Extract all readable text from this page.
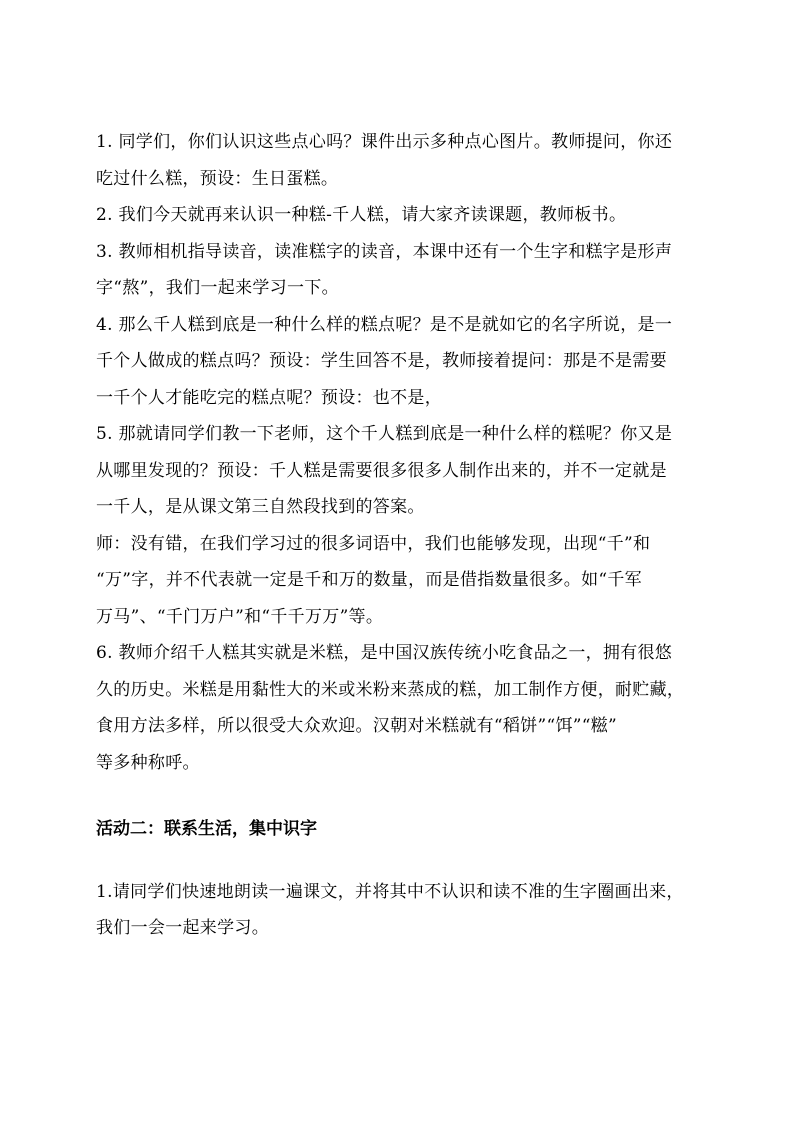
1. 同学们，你们认识这些点心吗？课件出示多种点心图片。教师提问，你还
吃过什么糕，预设：生日蛋糕。

2. 我们今天就再来认识一种糕-千人糕，请大家齐读课题，教师板书。

3. 教师相机指导读音，读准糕字的读音，本课中还有一个生字和糕字是形声
字“熬”，我们一起来学习一下。

4. 那么千人糕到底是一种什么样的糕点呢？是不是就如它的名字所说，是一
千个人做成的糕点吗？预设：学生回答不是，教师接着提问：那是不是需要
一千个人才能吃完的糕点呢？预设：也不是，

5. 那就请同学们教一下老师，这个千人糕到底是一种什么样的糕呢？你又是
从哪里发现的？预设：千人糕是需要很多很多人制作出来的，并不一定就是
一千人，是从课文第三自然段找到的答案。

师：没有错，在我们学习过的很多词语中，我们也能够发现，出现“千”和
“万”字，并不代表就一定是千和万的数量，而是借指数量很多。如“千军
万马”、“千门万户”和“千千万万”等。

6. 教师介绍千人糕其实就是米糕，是中国汉族传统小吃食品之一，拥有很悠
久的历史。米糕是用黏性大的米或米粉来蒸成的糕，加工制作方便，耐贮藏，
食用方法多样，所以很受大众欢迎。汉朝对米糕就有“稻饼”“饵”“糍”
等多种称呼。

活动二：联系生活，集中识字

1.请同学们快速地朗读一遍课文，并将其中不认识和读不准的生字圈画出来，
我们一会一起来学习。
